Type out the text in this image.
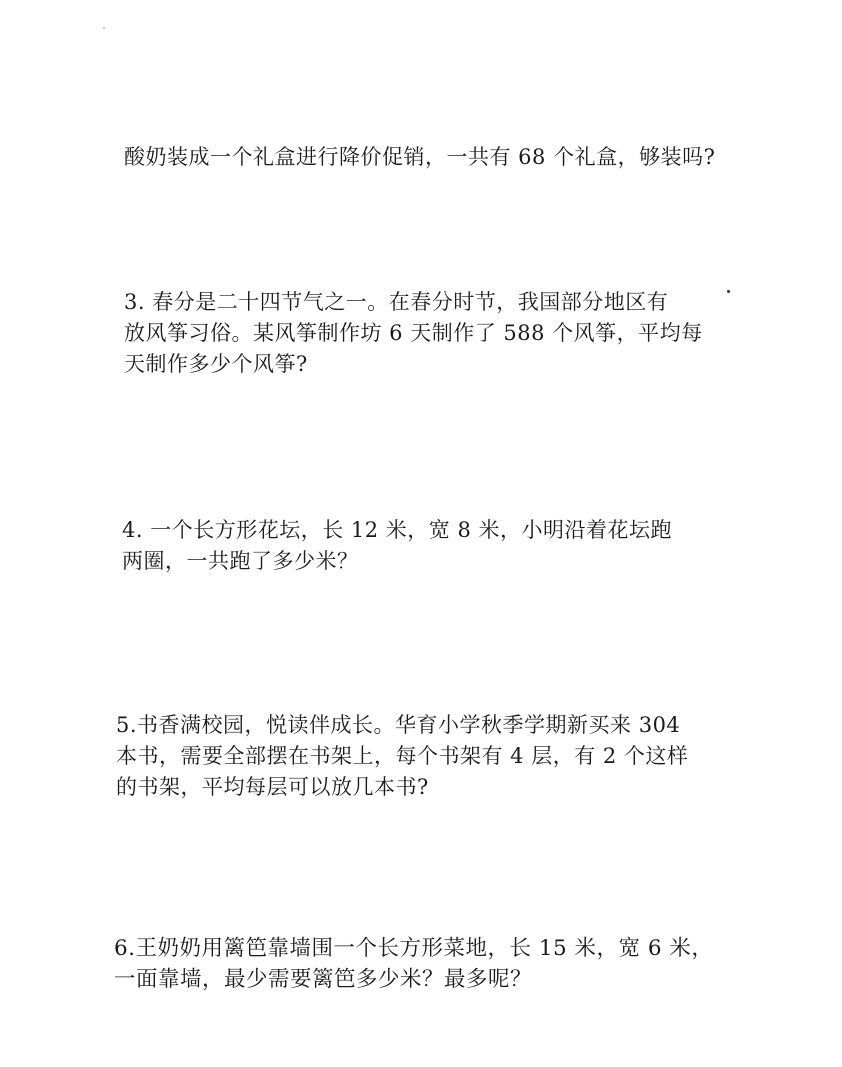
酸奶装成一个礼盒进行降价促销，一共有 68 个礼盒，够装吗?
3. 春分是二十四节气之一。在春分时节，我国部分地区有
放风筝习俗。某风筝制作坊 6 天制作了 588 个风筝，平均每
天制作多少个风筝?
4. 一个长方形花坛，长 12 米，宽 8 米，小明沿着花坛跑
两圈，一共跑了多少米？
5.书香满校园，悦读伴成长。华育小学秋季学期新买来 304
本书，需要全部摆在书架上，每个书架有 4 层，有 2 个这样
的书架，平均每层可以放几本书?
6.王奶奶用篱笆靠墙围一个长方形菜地，长 15 米，宽 6 米，
一面靠墙，最少需要篱笆多少米？最多呢？
